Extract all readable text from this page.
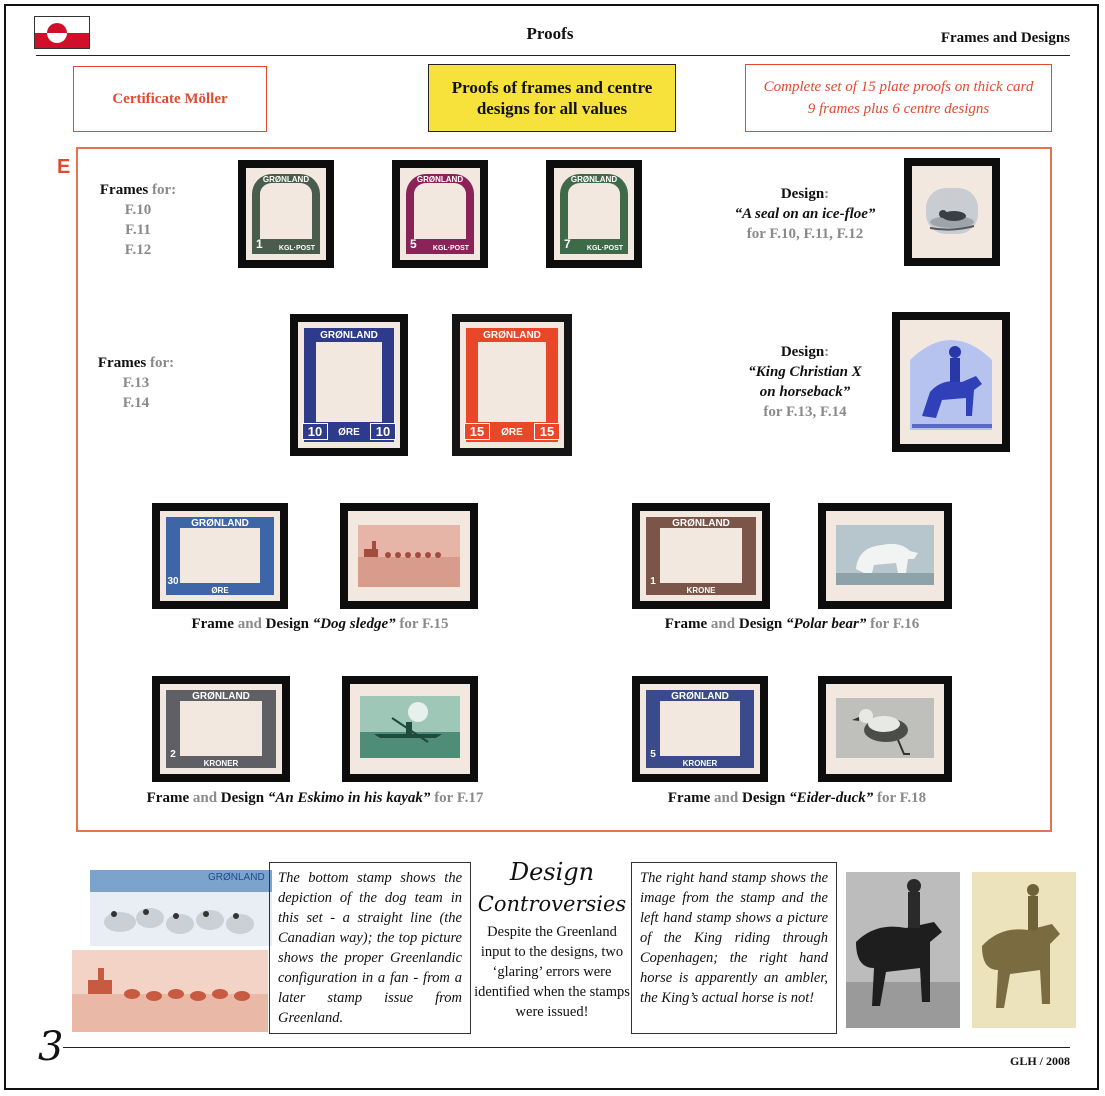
Proofs	Frames and Designs
Certificate Möller
Proofs of frames and centre
designs for all values
Complete set of 15 plate proofs on thick card
9 frames plus 6 centre designs
E
Frames for:
F.10
F.11
F.12
GRØNLAND
1	KGL·POST
GRØNLAND
5	KGL·POST
GRØNLAND
7	KGL·POST
Design:
“A seal on an ice-floe”
for F.10, F.11, F.12
Frames for:
F.13
F.14
GRØNLAND
10	10
ØRE
GRØNLAND
15	15
ØRE
Design:
“King Christian X
on horseback”
for F.13, F.14
GRØNLAND
30
ØRE
Frame and Design “Dog sledge” for F.15
GRØNLAND
1
KRONE
Frame and Design “Polar bear” for F.16
GRØNLAND
2
KRONER
Frame and Design “An Eskimo in his kayak” for F.17
GRØNLAND
5
KRONER
Frame and Design “Eider-duck” for F.18
GRØNLAND The bottom stamp shows the depiction of the dog team in this set - a straight line (the Canadian way); the top picture shows the proper Greenlandic configuration in a fan - from a later stamp issue from Greenland.
Design
Controversies
Despite the Greenland input to the designs, two ‘glaring’ errors were identified when the stamps were issued!
The right hand stamp shows the image from the stamp and the left hand stamp shows a picture of the King riding through Copenhagen; the right hand horse is apparently an ambler, the King’s actual horse is not!
3	GLH / 2008
